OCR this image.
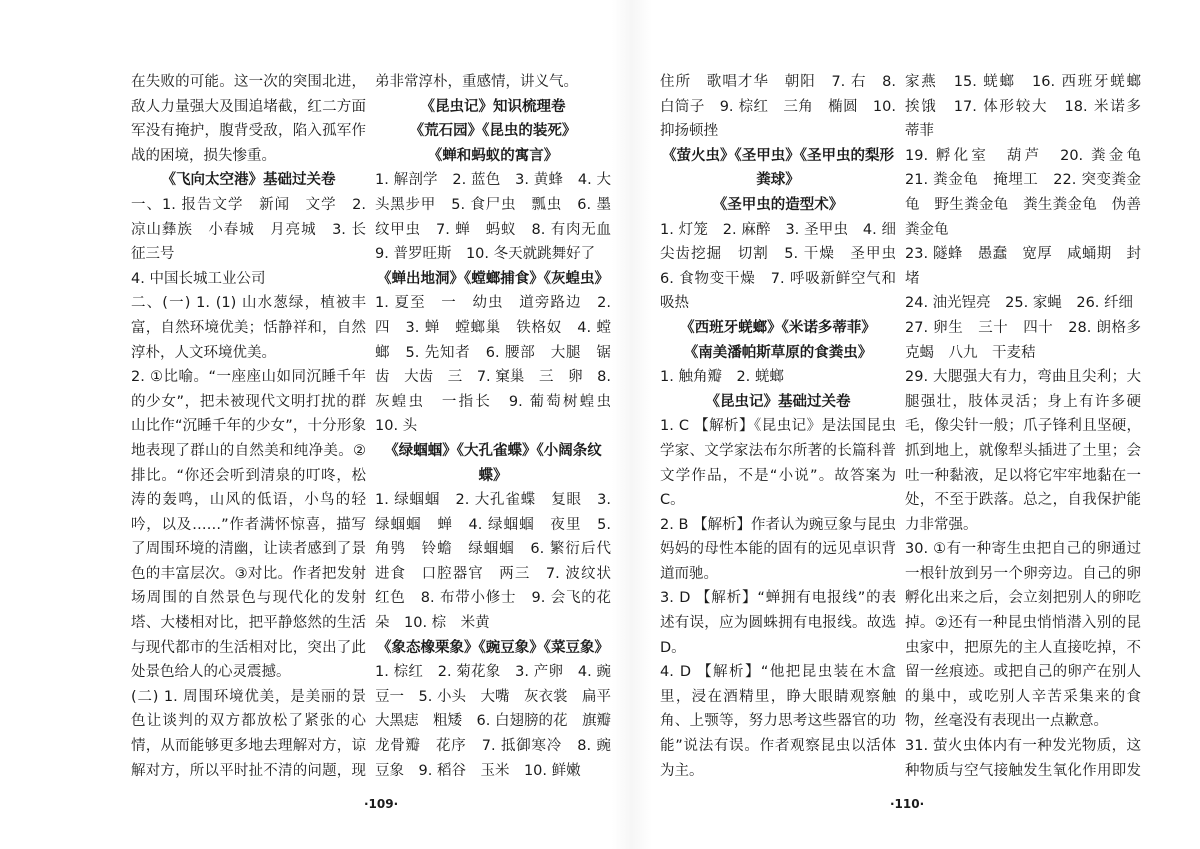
在失败的可能。这一次的突围北进，敌人力量强大及围追堵截，红二方面军没有掩护，腹背受敌，陷入孤军作战的困境，损失惨重。
《飞向太空港》基础过关卷
一、1. 报告文学　新闻　文学　2. 凉山彝族　小春城　月亮城　3. 长征三号
4. 中国长城工业公司
二、(一) 1. (1) 山水葱绿，植被丰富，自然环境优美；恬静祥和，自然淳朴，人文环境优美。
2. ①比喻。“一座座山如同沉睡千年的少女”，把未被现代文明打扰的群山比作“沉睡千年的少女”，十分形象地表现了群山的自然美和纯净美。②排比。“你还会听到清泉的叮咚，松涛的轰鸣，山风的低语，小鸟的轻吟，以及……”作者满怀惊喜，描写了周围环境的清幽，让读者感到了景色的丰富层次。③对比。作者把发射场周围的自然景色与现代化的发射塔、大楼相对比，把平静悠然的生活与现代都市的生活相对比，突出了此处景色给人的心灵震撼。
(二) 1. 周围环境优美，是美丽的景色让谈判的双方都放松了紧张的心情，从而能够更多地去理解对方，谅解对方，所以平时扯不清的问题，现
弟非常淳朴，重感情，讲义气。
《昆虫记》知识梳理卷
《荒石园》《昆虫的装死》
《蝉和蚂蚁的寓言》
1. 解剖学　2. 蓝色　3. 黄蜂　4. 大头黑步甲　5. 食尸虫　瓢虫　6. 墨纹甲虫　7. 蝉　蚂蚁　8. 有肉无血　9. 普罗旺斯　10. 冬天就跳舞好了
《蝉出地洞》《螳螂捕食》《灰蝗虫》
1. 夏至　一　幼虫　道旁路边　2. 四　3. 蝉　螳螂巢　铁格奴　4. 螳螂　5. 先知者　6. 腰部　大腿　锯齿　大齿　三　7. 窠巢　三　卵　8. 灰蝗虫　一指长　9. 葡萄树蝗虫　10. 头
《绿蝈蝈》《大孔雀蝶》《小阔条纹蝶》
1. 绿蝈蝈　2. 大孔雀蝶　复眼　3. 绿蝈蝈　蝉　4. 绿蝈蝈　夜里　5. 角鸮　铃蟾　绿蝈蝈　6. 繁衍后代　进食　口腔器官　两三　7. 波纹状　红色　8. 布带小修士　9. 会飞的花朵　10. 棕　米黄
《象态橡栗象》《豌豆象》《菜豆象》
1. 棕红　2. 菊花象　3. 产卵　4. 豌豆一　5. 小头　大嘴　灰衣裳　扁平　大黑痣　粗矮　6. 白翅膀的花　旗瓣　龙骨瓣　花序　7. 抵御寒冷　8. 豌豆象　9. 稻谷　玉米　10. 鲜嫩
住所　歌唱才华　朝阳　7. 右　8. 白筒子　9. 棕红　三角　椭圆　10. 抑扬顿挫
《萤火虫》《圣甲虫》《圣甲虫的梨形粪球》
《圣甲虫的造型术》
1. 灯笼　2. 麻醉　3. 圣甲虫　4. 细尖齿挖掘　切割　5. 干燥　圣甲虫　6. 食物变干燥　7. 呼吸新鲜空气和吸热
《西班牙蜣螂》《米诺多蒂菲》
《南美潘帕斯草原的食粪虫》
1. 触角瓣　2. 蜣螂
《昆虫记》基础过关卷
1. C 【解析】《昆虫记》是法国昆虫学家、文学家法布尔所著的长篇科普文学作品，不是“小说”。故答案为 C。
2. B 【解析】作者认为豌豆象与昆虫妈妈的母性本能的固有的远见卓识背道而驰。
3. D 【解析】“蝉拥有电报线”的表述有误，应为圆蛛拥有电报线。故选 D。
4. D 【解析】“他把昆虫装在木盒里，浸在酒精里，睁大眼睛观察触角、上颚等，努力思考这些器官的功能”说法有误。作者观察昆虫以活体为主。
家燕　15. 蜣螂　16. 西班牙蜣螂　挨饿　17. 体形较大　18. 米诺多　蒂菲
19. 孵化室　葫芦　20. 粪金龟　21. 粪金龟　掩埋工　22. 突变粪金龟　野生粪金龟　粪生粪金龟　伪善粪金龟
23. 隧蜂　愚蠢　宽厚　咸蛹期　封堵
24. 油光锃亮　25. 家蝇　26. 纤细
27. 卵生　三十　四十　28. 朗格多克蝎　八九　干麦秸
29. 大腮强大有力，弯曲且尖利；大腿强壮，肢体灵活；身上有许多硬毛，像尖针一般；爪子锋利且坚硬，抓到地上，就像犁头插进了土里；会吐一种黏液，足以将它牢牢地黏在一处，不至于跌落。总之，自我保护能力非常强。
30. ①有一种寄生虫把自己的卵通过一根针放到另一个卵旁边。自己的卵孵化出来之后，会立刻把别人的卵吃掉。②还有一种昆虫悄悄潜入别的昆虫家中，把原先的主人直接吃掉，不留一丝痕迹。或把自己的卵产在别人的巢中，或吃别人辛苦采集来的食物，丝毫没有表现出一点歉意。
31. 萤火虫体内有一种发光物质，这种物质与空气接触发生氧化作用即发
·109·	·110·
